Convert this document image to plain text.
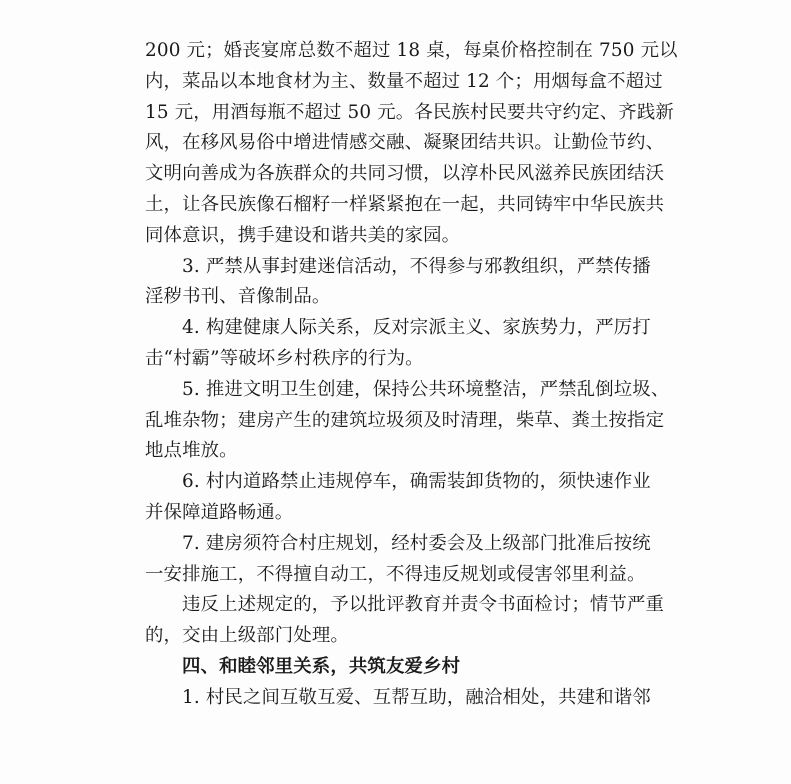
200 元；婚丧宴席总数不超过 18 桌，每桌价格控制在 750 元以
内，菜品以本地食材为主、数量不超过 12 个；用烟每盒不超过
15 元，用酒每瓶不超过 50 元。各民族村民要共守约定、齐践新
风，在移风易俗中增进情感交融、凝聚团结共识。让勤俭节约、
文明向善成为各族群众的共同习惯，以淳朴民风滋养民族团结沃
土，让各民族像石榴籽一样紧紧抱在一起，共同铸牢中华民族共
同体意识，携手建设和谐共美的家园。
3. 严禁从事封建迷信活动，不得参与邪教组织，严禁传播
淫秽书刊、音像制品。
4. 构建健康人际关系，反对宗派主义、家族势力，严厉打
击“村霸”等破坏乡村秩序的行为。
5. 推进文明卫生创建，保持公共环境整洁，严禁乱倒垃圾、
乱堆杂物；建房产生的建筑垃圾须及时清理，柴草、粪土按指定
地点堆放。
6. 村内道路禁止违规停车，确需装卸货物的，须快速作业
并保障道路畅通。
7. 建房须符合村庄规划，经村委会及上级部门批准后按统
一安排施工，不得擅自动工，不得违反规划或侵害邻里利益。
违反上述规定的，予以批评教育并责令书面检讨；情节严重
的，交由上级部门处理。
四、和睦邻里关系，共筑友爱乡村
1. 村民之间互敬互爱、互帮互助，融洽相处，共建和谐邻
